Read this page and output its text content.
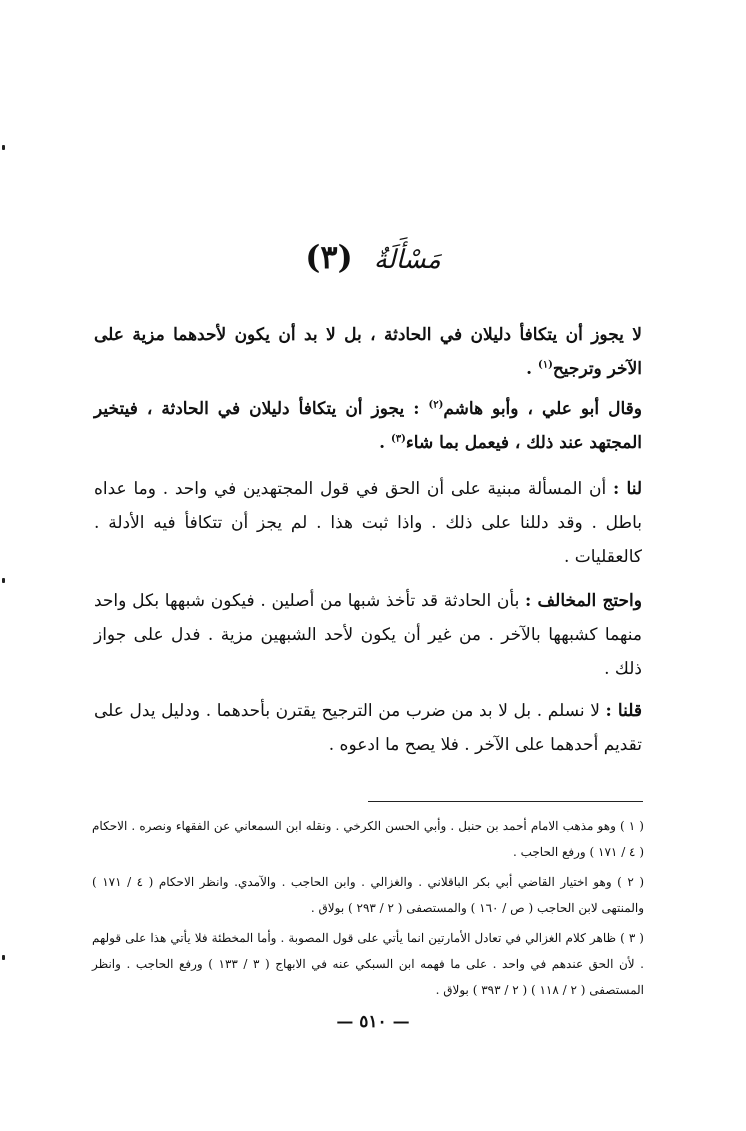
مَسْأَلَةٌ (٣)

لا يجوز أن يتكافأ دليلان في الحادثة ، بل لا بد أن يكون لأحدهما مزية على الآخر وترجيح$^{(١)}$ .

وقال أبو علي ، وأبو هاشم$^{(٢)}$ : يجوز أن يتكافأ دليلان في الحادثة ، فيتخير المجتهد عند ذلك ، فيعمل بما شاء$^{(٣)}$ .

لنا : أن المسألة مبنية على أن الحق في قول المجتهدين في واحد . وما عداه باطل . وقد دللنا على ذلك . واذا ثبت هذا . لم يجز أن تتكافأ فيه الأدلة . كالعقليات .

واحتج المخالف : بأن الحادثة قد تأخذ شبها من أصلين . فيكون شبهها بكل واحد منهما كشبهها بالآخر . من غير أن يكون لأحد الشبهين مزية . فدل على جواز ذلك .

قلنا : لا نسلم . بل لا بد من ضرب من الترجيح يقترن بأحدهما . ودليل يدل على تقديم أحدهما على الآخر . فلا يصح ما ادعوه .

( ١ ) وهو مذهب الامام أحمد بن حنبل . وأبي الحسن الكرخي . ونقله ابن السمعاني عن الفقهاء ونصره . الاحكام ( ٤ / ١٧١ ) ورفع الحاجب .

( ٢ ) وهو اختيار القاضي أبي بكر الباقلاني . والغزالي . وابن الحاجب . والآمدي. وانظر الاحكام ( ٤ / ١٧١ ) والمنتهى لابن الحاجب ( ص / ١٦٠ ) والمستصفى ( ٢ / ٢٩٣ ) بولاق .

( ٣ ) ظاهر كلام الغزالي في تعادل الأمارتين انما يأتي على قول المصوبة . وأما المخطئة فلا يأتي هذا على قولهم . لأن الحق عندهم في واحد . على ما فهمه ابن السبكي عنه في الابهاج ( ٣ / ١٣٣ ) ورفع الحاجب . وانظر المستصفى ( ٢ / ١١٨ ) ( ٢ / ٣٩٣ ) بولاق .

— ٥١٠ —
